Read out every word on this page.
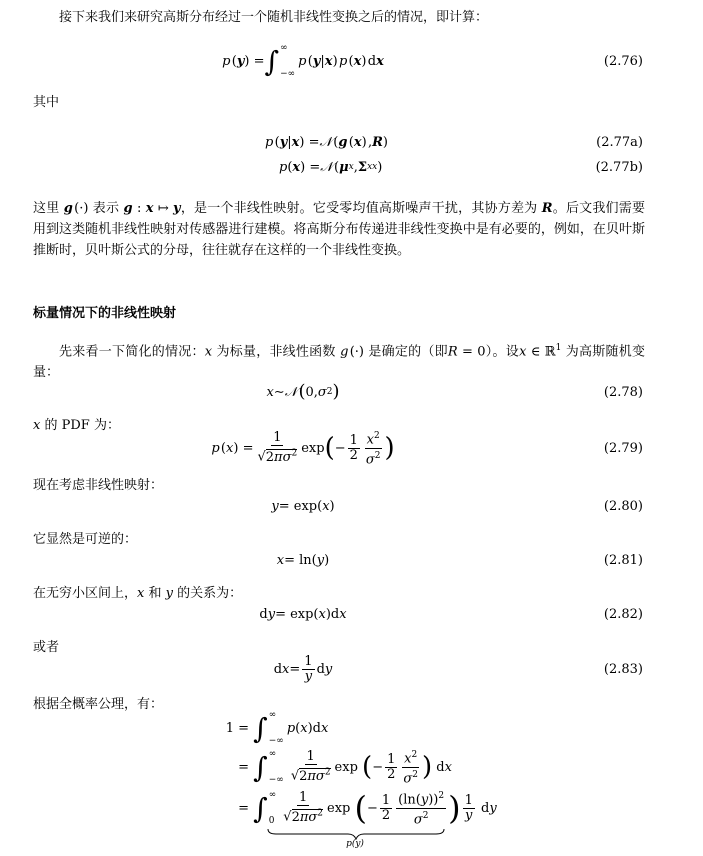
接下来我们来研究高斯分布经过一个随机非线性变换之后的情况，即计算：
p  ( y ) = ∫ ∞
−∞
p  ( y | x )  p  ( x ) d x	(2.76)
其中
p  ( y | x ) = 𝒩  ( g  ( x ) , R )	(2.77a)
p ( x ) = 𝒩  ( μ x , Σ xx )	(2.77b)
这里 g (·) 表示 g : x ↦ y，是一个非线性映射。它受零均值高斯噪声干扰，其协方差为 R。后文我们需要用到这类随机非线性映射对传感器进行建模。将高斯分布传递进非线性变换中是有必要的，例如，在贝叶斯推断时，贝叶斯公式的分母，往往就存在这样的一个非线性变换。
标量情况下的非线性映射
先来看一下简化的情况：x 为标量，非线性函数 g (·) 是确定的（即R = 0）。设x ∈ ℝ$^1$ 为高斯随机变量：
x ∼ 𝒩
  ( 0, σ 2 )	(2.78)
x 的 PDF 为：
p  ( x ) = $\frac{1}{√2\pi\sigma^2}$ exp ( − $\frac{1}{2} \frac{x^2}{\sigma^2}$ )	(2.79)
现在考虑非线性映射：
y = exp( x )	(2.80)
它显然是可逆的：
x = ln( y )	(2.81)
在无穷小区间上，x 和 y 的关系为：
d y = exp( x )d x	(2.82)
或者
d $x = \frac{1}{y}$ d y	(2.83)
根据全概率公理，有：
1 = ∫ ∞
−∞
p ( x )d x
= ∫ ∞
−∞ $\frac{1}{√2\pi\sigma^2}$ exp ( − $\frac{1}{2} \frac{x^2}{\sigma^2}$ ) d x
= ∫ ∞
$0 \frac{1}{√2\pi\sigma^2}$ exp ( − $\frac{1}{2} \frac{(\ln(y))^2}{\sigma^2}$ ) $\frac{1}{y}$ d y
p(y)
